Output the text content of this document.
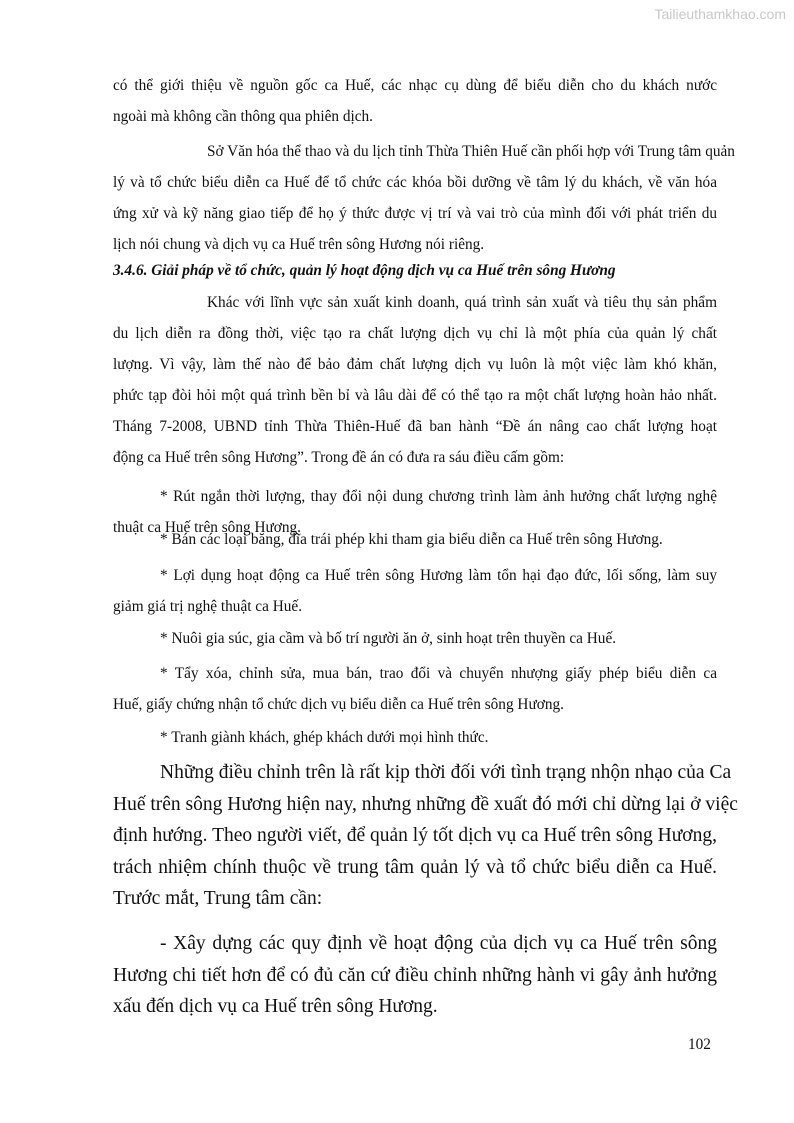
Tailieuthamkhao.com
có thể giới thiệu về nguồn gốc ca Huế, các nhạc cụ dùng để biểu diễn cho du khách nước
ngoài mà không cần thông qua phiên dịch.
Sở Văn hóa thể thao và du lịch tỉnh Thừa Thiên Huế cần phối hợp với Trung tâm quản
lý và tổ chức biểu diễn ca Huế để tổ chức các khóa bồi dưỡng về tâm lý du khách, về văn hóa
ứng xử và kỹ năng giao tiếp để họ ý thức được vị trí và vai trò của mình đối với phát triển du
lịch nói chung và dịch vụ ca Huế trên sông Hương nói riêng.
3.4.6. Giải pháp về tổ chức, quản lý hoạt động dịch vụ ca Huế trên sông Hương
Khác với lĩnh vực sản xuất kinh doanh, quá trình sản xuất và tiêu thụ sản phẩm
du lịch diễn ra đồng thời, việc tạo ra chất lượng dịch vụ chỉ là một phía của quản lý chất
lượng. Vì vậy, làm thế nào để bảo đảm chất lượng dịch vụ luôn là một việc làm khó khăn,
phức tạp đòi hỏi một quá trình bền bỉ và lâu dài để có thể tạo ra một chất lượng hoàn hảo nhất.
Tháng 7-2008, UBND tỉnh Thừa Thiên-Huế đã ban hành “Đề án nâng cao chất lượng hoạt
động ca Huế trên sông Hương”. Trong đề án có đưa ra sáu điều cấm gồm:
* Rút ngắn thời lượng, thay đổi nội dung chương trình làm ảnh hưởng chất lượng nghệ
thuật ca Huế trên sông Hương.
* Bán các loại băng, đĩa trái phép khi tham gia biểu diễn ca Huế trên sông Hương.
* Lợi dụng hoạt động ca Huế trên sông Hương làm tổn hại đạo đức, lối sống, làm suy
giảm giá trị nghệ thuật ca Huế.
* Nuôi gia súc, gia cầm và bố trí người ăn ở, sinh hoạt trên thuyền ca Huế.
* Tẩy xóa, chỉnh sửa, mua bán, trao đổi và chuyển nhượng giấy phép biểu diễn ca
Huế, giấy chứng nhận tổ chức dịch vụ biểu diễn ca Huế trên sông Hương.
* Tranh giành khách, ghép khách dưới mọi hình thức.
Những điều chỉnh trên là rất kịp thời đối với tình trạng nhộn nhạo của Ca
Huế trên sông Hương hiện nay, nhưng những đề xuất đó mới chỉ dừng lại ở việc
định hướng. Theo người viết, để quản lý tốt dịch vụ ca Huế trên sông Hương,
trách nhiệm chính thuộc về trung tâm quản lý và tổ chức biểu diễn ca Huế.
Trước mắt, Trung tâm cần:
- Xây dựng các quy định về hoạt động của dịch vụ ca Huế trên sông
Hương chi tiết hơn để có đủ căn cứ điều chỉnh những hành vi gây ảnh hưởng
xấu đến dịch vụ ca Huế trên sông Hương.
102
